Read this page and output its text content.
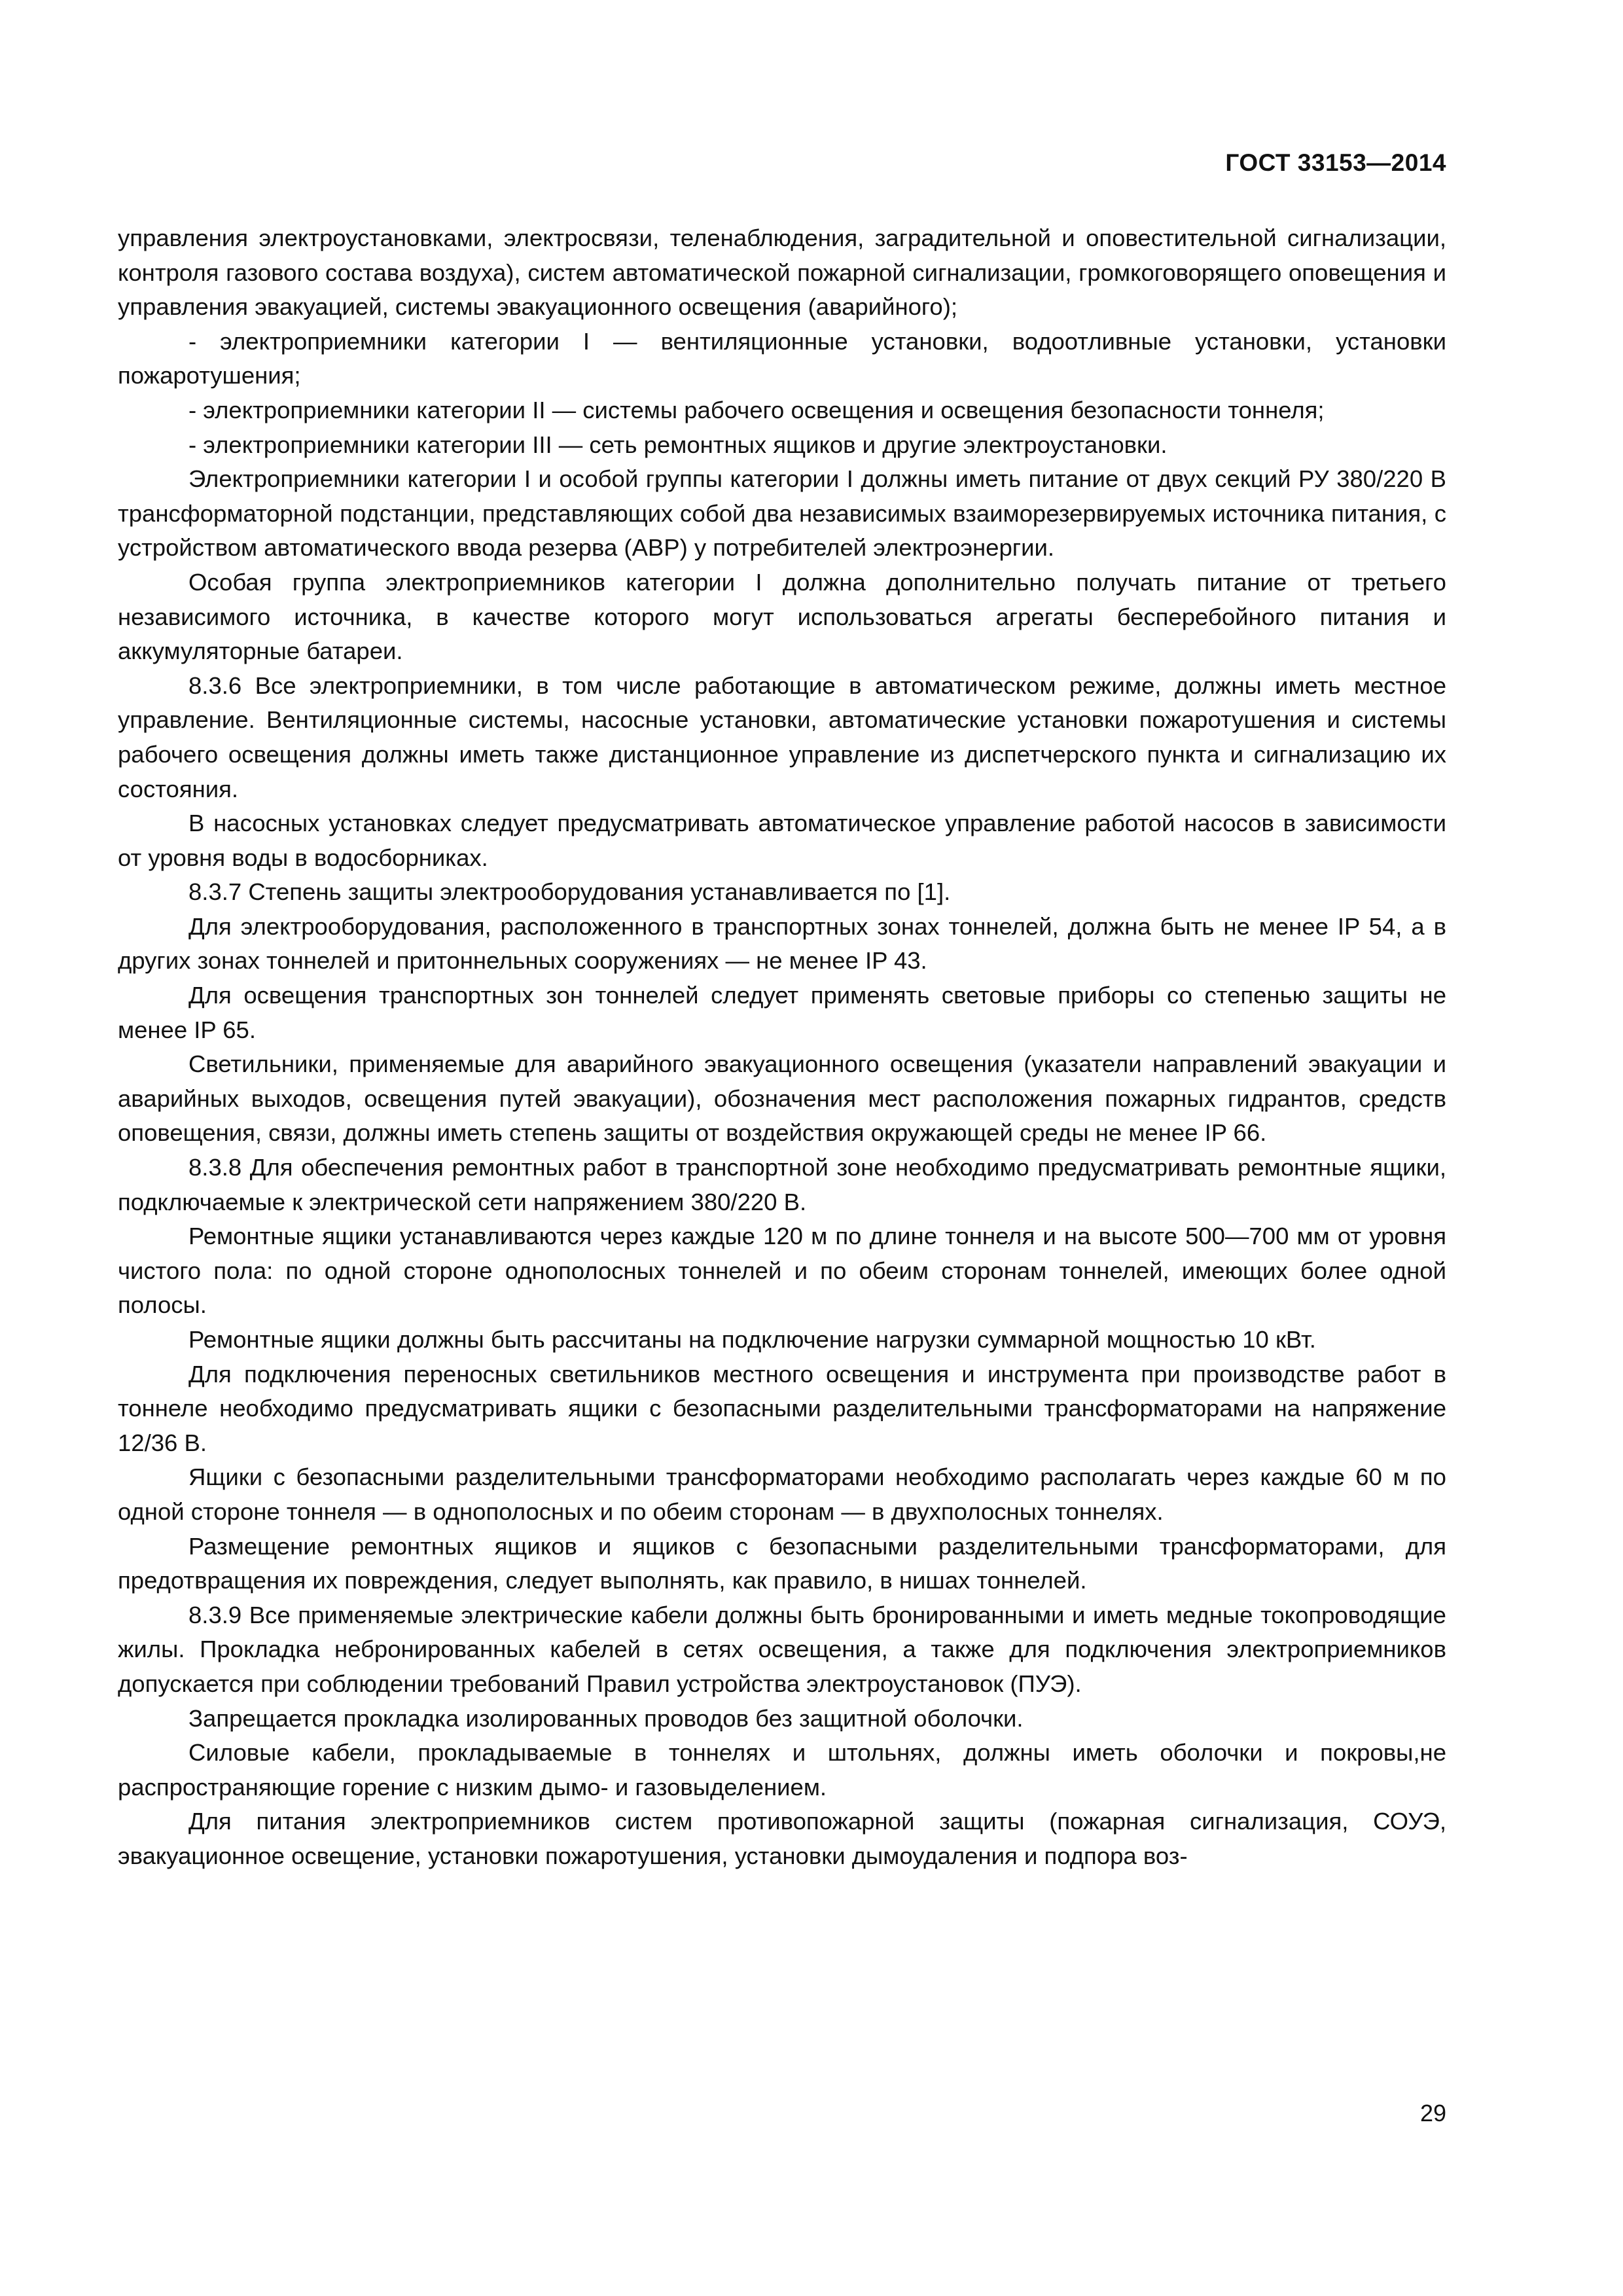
ГОСТ 33153—2014

управления электроустановками, электросвязи, теленаблюдения, заградительной и оповестительной сигнализации, контроля газового состава воздуха), систем автоматической пожарной сигнализации, громкоговорящего оповещения и управления эвакуацией, системы эвакуационного освещения (аварийного);

- электроприемники категории I — вентиляционные установки, водоотливные установки, установки пожаротушения;

- электроприемники категории II — системы рабочего освещения и освещения безопасности тоннеля;

- электроприемники категории III — сеть ремонтных ящиков и другие электроустановки.

Электроприемники категории I и особой группы категории I должны иметь питание от двух секций РУ 380/220 В трансформаторной подстанции, представляющих собой два независимых взаиморезервируемых источника питания, с устройством автоматического ввода резерва (АВР) у потребителей электроэнергии.

Особая группа электроприемников категории I должна дополнительно получать питание от третьего независимого источника, в качестве которого могут использоваться агрегаты бесперебойного питания и аккумуляторные батареи.

8.3.6 Все электроприемники, в том числе работающие в автоматическом режиме, должны иметь местное управление. Вентиляционные системы, насосные установки, автоматические установки пожаротушения и системы рабочего освещения должны иметь также дистанционное управление из диспетчерского пункта и сигнализацию их состояния.

В насосных установках следует предусматривать автоматическое управление работой насосов в зависимости от уровня воды в водосборниках.

8.3.7 Степень защиты электрооборудования устанавливается по [1].

Для электрооборудования, расположенного в транспортных зонах тоннелей, должна быть не менее IP 54, а в других зонах тоннелей и притоннельных сооружениях — не менее IP 43.

Для освещения транспортных зон тоннелей следует применять световые приборы со степенью защиты не менее IP 65.

Светильники, применяемые для аварийного эвакуационного освещения (указатели направлений эвакуации и аварийных выходов, освещения путей эвакуации), обозначения мест расположения пожарных гидрантов, средств оповещения, связи, должны иметь степень защиты от воздействия окружающей среды не менее IP 66.

8.3.8 Для обеспечения ремонтных работ в транспортной зоне необходимо предусматривать ремонтные ящики, подключаемые к электрической сети напряжением 380/220 В.

Ремонтные ящики устанавливаются через каждые 120 м по длине тоннеля и на высоте 500—700 мм от уровня чистого пола: по одной стороне однополосных тоннелей и по обеим сторонам тоннелей, имеющих более одной полосы.

Ремонтные ящики должны быть рассчитаны на подключение нагрузки суммарной мощностью 10 кВт.

Для подключения переносных светильников местного освещения и инструмента при производстве работ в тоннеле необходимо предусматривать ящики с безопасными разделительными трансформаторами на напряжение 12/36 В.

Ящики с безопасными разделительными трансформаторами необходимо располагать через каждые 60 м по одной стороне тоннеля — в однополосных и по обеим сторонам — в двухполосных тоннелях.

Размещение ремонтных ящиков и ящиков с безопасными разделительными трансформаторами, для предотвращения их повреждения, следует выполнять, как правило, в нишах тоннелей.

8.3.9 Все применяемые электрические кабели должны быть бронированными и иметь медные токопроводящие жилы. Прокладка небронированных кабелей в сетях освещения, а также для подключения электроприемников допускается при соблюдении требований Правил устройства электроустановок (ПУЭ).

Запрещается прокладка изолированных проводов без защитной оболочки.

Силовые кабели, прокладываемые в тоннелях и штольнях, должны иметь оболочки и покровы,не распространяющие горение с низким дымо- и газовыделением.

Для питания электроприемников систем противопожарной защиты (пожарная сигнализация, СОУЭ, эвакуационное освещение, установки пожаротушения, установки дымоудаления и подпора воз-

29
